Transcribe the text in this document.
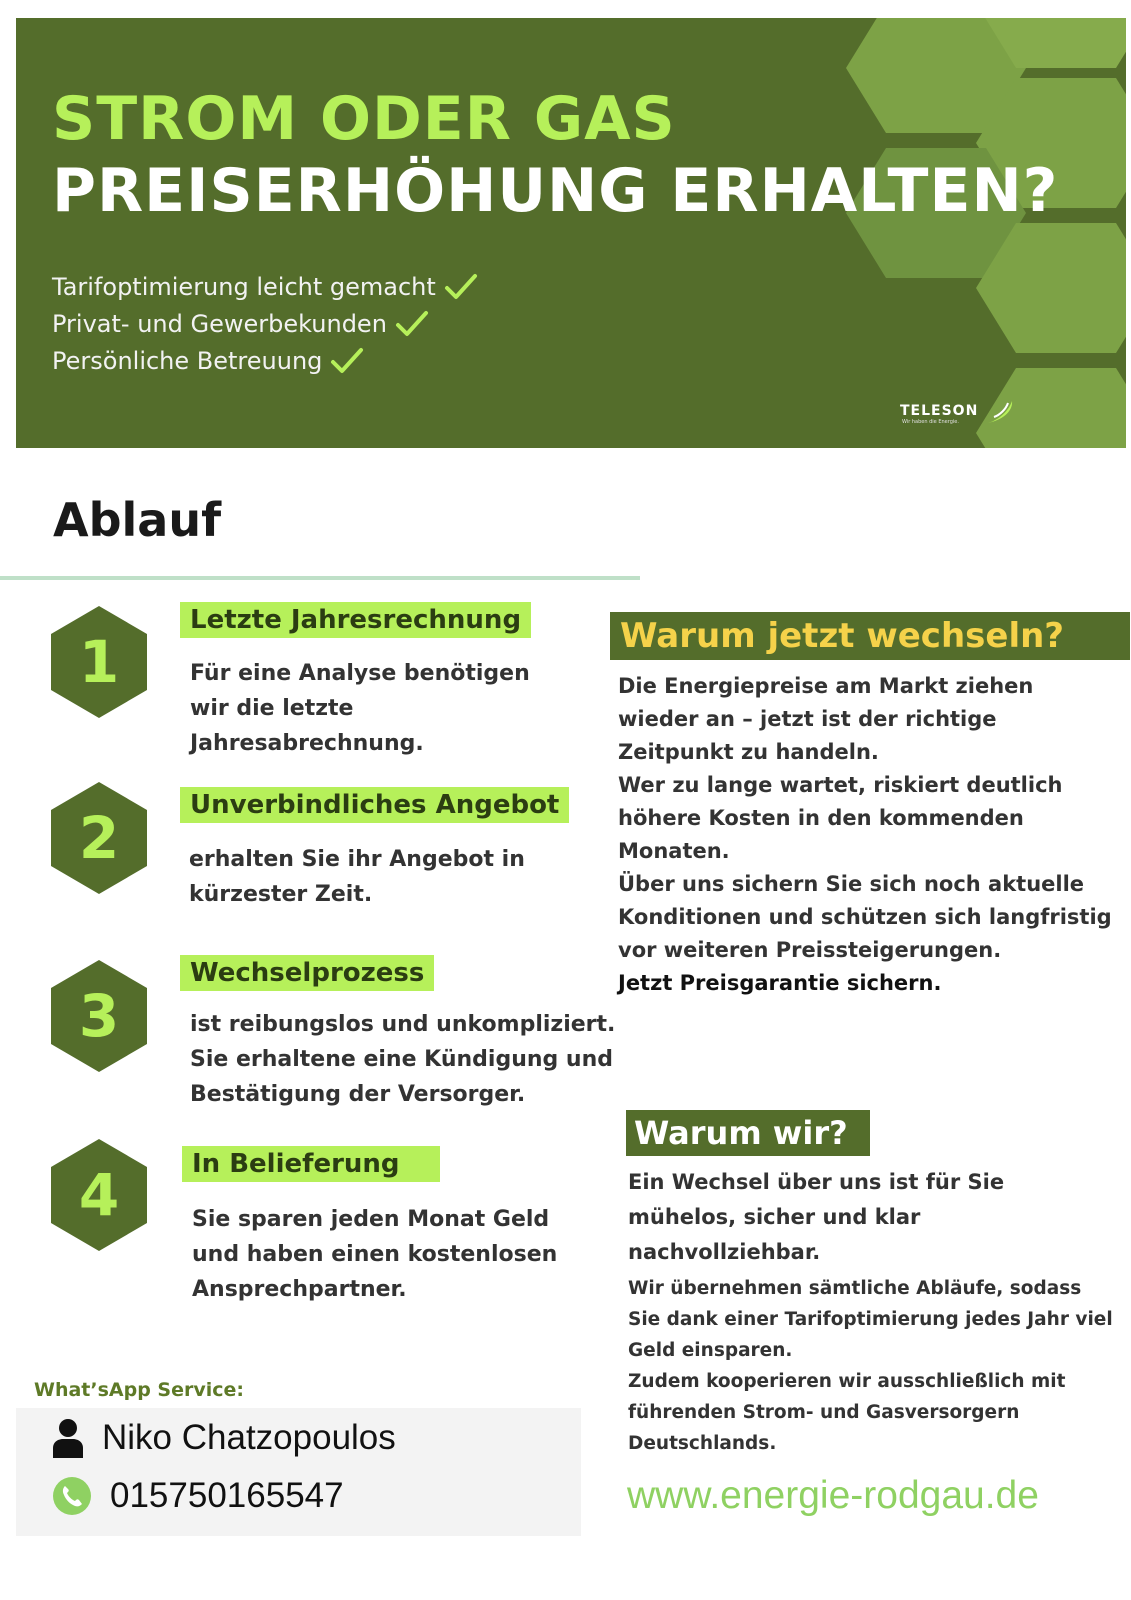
STROM ODER GAS
PREISERHÖHUNG ERHALTEN?
Tarifoptimierung leicht gemacht
Privat- und Gewerbekunden
Persönliche Betreuung
TELESON
Wir haben die Energie.
Ablauf
1
Letzte Jahresrechnung
Für eine Analyse benötigen wir die letzte Jahresabrechnung.
2	Unverbindliches Angebot
erhalten Sie ihr Angebot in kürzester Zeit.
3
Wechselprozess
ist reibungslos und unkompliziert. Sie erhaltene eine Kündigung und Bestätigung der Versorger.
4	In Belieferung
Sie sparen jeden Monat Geld und haben einen kostenlosen Ansprechpartner.
Warum jetzt wechseln?
Die Energiepreise am Markt ziehen wieder an – jetzt ist der richtige Zeitpunkt zu handeln.
Wer zu lange wartet, riskiert deutlich höhere Kosten in den kommenden Monaten.
Über uns sichern Sie sich noch aktuelle Konditionen und schützen sich langfristig vor weiteren Preissteigerungen.
Jetzt Preisgarantie sichern.
Warum wir?
Ein Wechsel über uns ist für Sie mühelos, sicher und klar nachvollziehbar.
Wir übernehmen sämtliche Abläufe, sodass Sie dank einer Tarifoptimierung jedes Jahr viel Geld einsparen.
Zudem kooperieren wir ausschließlich mit führenden Strom- und Gasversorgern Deutschlands.
www.energie-rodgau.de
What’sApp Service:
Niko Chatzopoulos
015750165547
